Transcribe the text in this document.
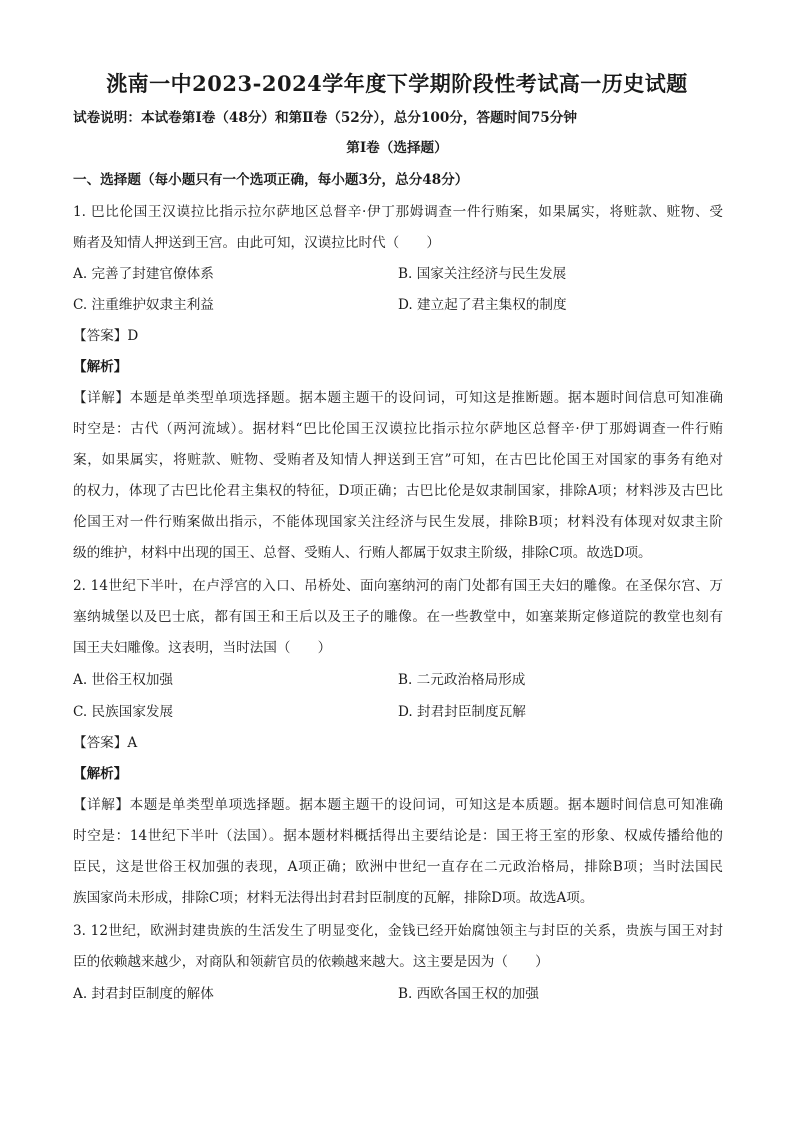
洮南一中2023-2024学年度下学期阶段性考试高一历史试题
试卷说明：本试卷第Ⅰ卷（48分）和第Ⅱ卷（52分），总分100分，答题时间75分钟
第Ⅰ卷（选择题）
一、选择题（每小题只有一个选项正确，每小题3分，总分48分）
1. 巴比伦国王汉谟拉比指示拉尔萨地区总督辛·伊丁那姆调查一件行贿案，如果属实，将赃款、赃物、受
贿者及知情人押送到王宫。由此可知，汉谟拉比时代（　　）
A. 完善了封建官僚体系	B. 国家关注经济与民生发展
C. 注重维护奴隶主利益	D. 建立起了君主集权的制度
【答案】D
【解析】
【详解】本题是单类型单项选择题。据本题主题干的设问词，可知这是推断题。据本题时间信息可知准确
时空是：古代（两河流域）。据材料“巴比伦国王汉谟拉比指示拉尔萨地区总督辛·伊丁那姆调查一件行贿
案，如果属实，将赃款、赃物、受贿者及知情人押送到王宫”可知，在古巴比伦国王对国家的事务有绝对
的权力，体现了古巴比伦君主集权的特征，D项正确；古巴比伦是奴隶制国家，排除A项；材料涉及古巴比
伦国王对一件行贿案做出指示，不能体现国家关注经济与民生发展，排除B项；材料没有体现对奴隶主阶
级的维护，材料中出现的国王、总督、受贿人、行贿人都属于奴隶主阶级，排除C项。故选D项。
2. 14世纪下半叶，在卢浮宫的入口、吊桥处、面向塞纳河的南门处都有国王夫妇的雕像。在圣保尔宫、万
塞纳城堡以及巴士底，都有国王和王后以及王子的雕像。在一些教堂中，如塞莱斯定修道院的教堂也刻有
国王夫妇雕像。这表明，当时法国（　　）
A. 世俗王权加强	B. 二元政治格局形成
C. 民族国家发展	D. 封君封臣制度瓦解
【答案】A
【解析】
【详解】本题是单类型单项选择题。据本题主题干的设问词，可知这是本质题。据本题时间信息可知准确
时空是：14世纪下半叶（法国）。据本题材料概括得出主要结论是：国王将王室的形象、权威传播给他的
臣民，这是世俗王权加强的表现，A项正确；欧洲中世纪一直存在二元政治格局，排除B项；当时法国民
族国家尚未形成，排除C项；材料无法得出封君封臣制度的瓦解，排除D项。故选A项。
3. 12世纪，欧洲封建贵族的生活发生了明显变化，金钱已经开始腐蚀领主与封臣的关系，贵族与国王对封
臣的依赖越来越少，对商队和领薪官员的依赖越来越大。这主要是因为（　　）
A. 封君封臣制度的解体	B. 西欧各国王权的加强
